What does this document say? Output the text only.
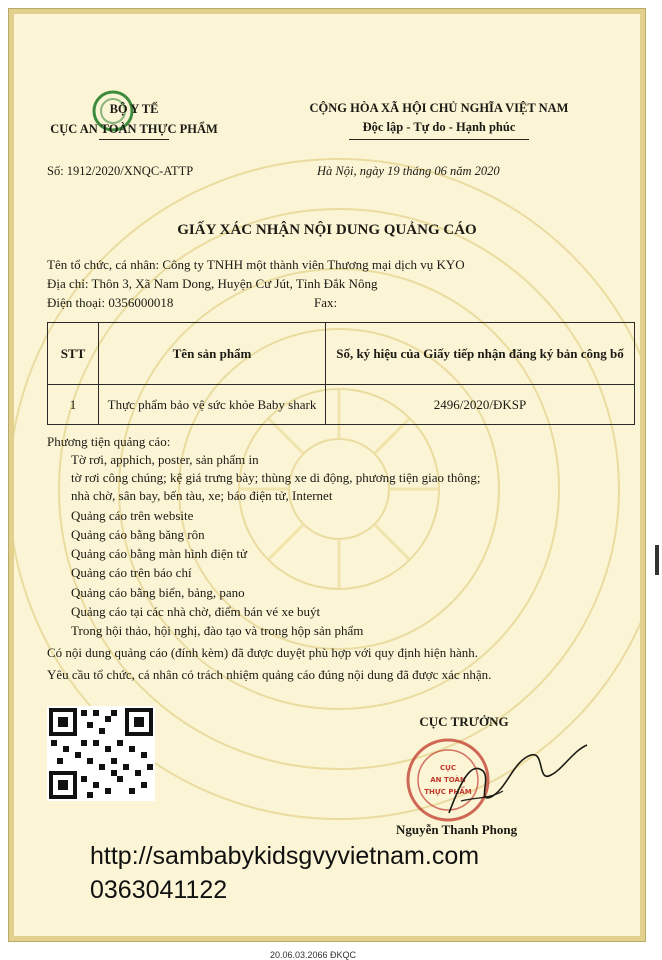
BỘ Y TẾ
CỤC AN TOÀN THỰC PHẨM
Số: 1912/2020/XNQC-ATTP
CỘNG HÒA XÃ HỘI CHỦ NGHĨA VIỆT NAM
Độc lập - Tự do - Hạnh phúc
Hà Nội, ngày 19 tháng 06 năm 2020
GIẤY XÁC NHẬN NỘI DUNG QUẢNG CÁO
Tên tổ chức, cá nhân: Công ty TNHH một thành viên Thương mại dịch vụ KYO
Địa chỉ: Thôn 3, Xã Nam Dong, Huyện Cư Jút, Tỉnh Đắk Nông
Điện thoại: 0356000018	Fax:
STT	Tên sản phẩm	Số, ký hiệu của Giấy tiếp nhận đăng ký bản công bố
1	Thực phẩm bảo vệ sức khỏe Baby shark	2496/2020/ĐKSP
Phương tiện quảng cáo:
Tờ rơi, apphich, poster, sản phẩm in
tờ rơi công chúng; kệ giá trưng bày; thùng xe di động, phương tiện giao thông;
nhà chờ, sân bay, bến tàu, xe; báo điện tử, Internet
Quảng cáo trên website
Quảng cáo bằng băng rôn
Quảng cáo bằng màn hình điện tử
Quảng cáo trên báo chí
Quảng cáo bằng biển, bảng, pano
Quảng cáo tại các nhà chờ, điểm bán vé xe buýt
Trong hội thảo, hội nghị, đào tạo và trong hộp sản phẩm
Có nội dung quảng cáo (đính kèm) đã được duyệt phù hợp với quy định hiện hành.
Yêu cầu tổ chức, cá nhân có trách nhiệm quảng cáo đúng nội dung đã được xác nhận.
CỤC TRƯỞNG
CỤC
AN TOÀN
THỰC PHẨM
Nguyễn Thanh Phong
http://sambabykidsgvyvietnam.com
0363041122
20.06.03.2066 ĐKQC
